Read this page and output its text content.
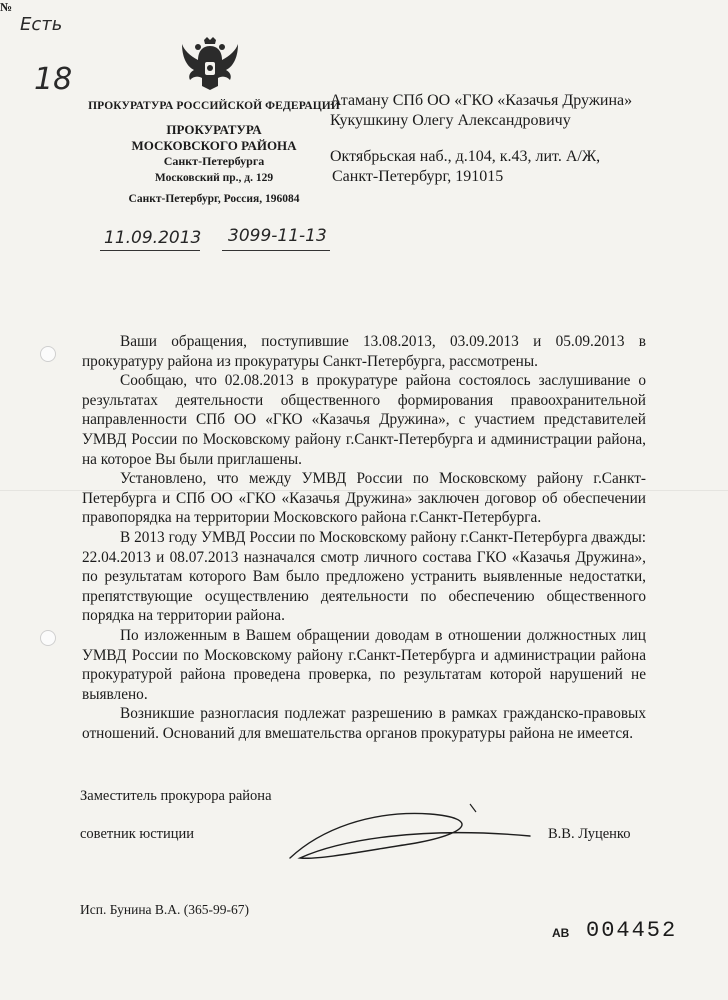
Есть
18
ПРОКУРАТУРА РОССИЙСКОЙ ФЕДЕРАЦИИ
ПРОКУРАТУРА
МОСКОВСКОГО РАЙОНА
Санкт-Петербурга
Московский пр., д. 129
Санкт-Петербург, Россия, 196084
11.09.2013
№
3099-11-13
Атаману СПб ОО «ГКО «Казачья Дружина»
Кукушкину Олегу Александровичу
Октябрьская наб., д.104, к.43, лит. А/Ж,
Санкт-Петербург, 191015

Ваши обращения, поступившие 13.08.2013, 03.09.2013 и 05.09.2013 в прокуратуру района из прокуратуры Санкт-Петербурга, рассмотрены.

Сообщаю, что 02.08.2013 в прокуратуре района состоялось заслушивание о результатах деятельности общественного формирования правоохранительной направленности СПб ОО «ГКО «Казачья Дружина», с участием представителей УМВД России по Московскому району г.Санкт-Петербурга и администрации района, на которое Вы были приглашены.

Установлено, что между УМВД России по Московскому району г.Санкт-Петербурга и СПб ОО «ГКО «Казачья Дружина» заключен договор об обеспечении правопорядка на территории Московского района г.Санкт-Петербурга.

В 2013 году УМВД России по Московскому району г.Санкт-Петербурга дважды: 22.04.2013 и 08.07.2013 назначался смотр личного состава ГКО «Казачья Дружина», по результатам которого Вам было предложено устранить выявленные недостатки, препятствующие осуществлению деятельности по обеспечению общественного порядка на территории района.

По изложенным в Вашем обращении доводам в отношении должностных лиц УМВД России по Московскому району г.Санкт-Петербурга и администрации района прокуратурой района проведена проверка, по результатам которой нарушений не выявлено.

Возникшие разногласия подлежат разрешению в рамках гражданско-правовых отношений. Оснований для вмешательства органов прокуратуры района не имеется.

Заместитель прокурора района
советник юстиции	В.В. Луценко
Исп. Бунина В.А. (365-99-67)
АВ 004452
